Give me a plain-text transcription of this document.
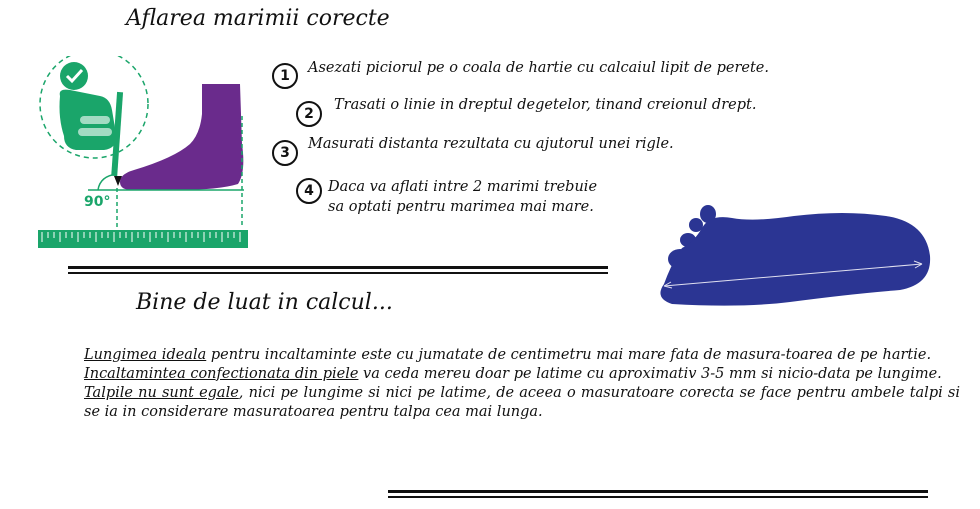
Aflarea marimii corecte
90°
1	Asezati piciorul pe o coala de hartie cu calcaiul lipit de perete.
2
Trasati o linie in dreptul degetelor, tinand creionul drept.
3
Masurati distanta rezultata cu ajutorul unei rigle.
4 Daca va aflati intre 2 marimi trebuie
sa optati pentru marimea mai mare.
Bine de luat in calcul...

Lungimea ideala pentru incaltaminte este cu jumatate de centimetru mai mare fata de masura-toarea de pe hartie.

Incaltamintea confectionata din piele va ceda mereu doar pe latime cu aproximativ 3-5 mm si nicio-data pe lungime.

Talpile nu sunt egale, nici pe lungime si nici pe latime, de aceea o masuratoare corecta se face pentru ambele talpi si se ia in considerare masuratoarea pentru talpa cea mai lunga.
